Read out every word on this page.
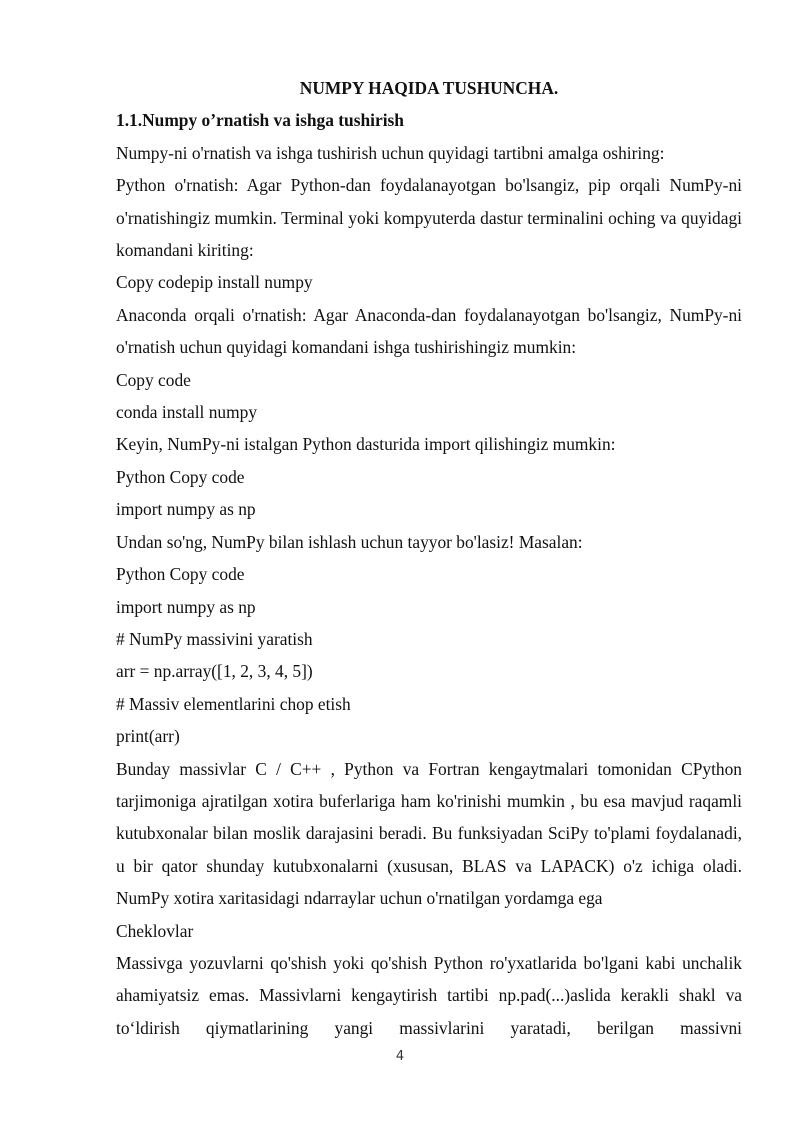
NUMPY HAQIDA TUSHUNCHA.
1.1.Numpy o’rnatish va ishga tushirish
Numpy-ni o'rnatish va ishga tushirish uchun quyidagi tartibni amalga oshiring:
Python o'rnatish: Agar Python-dan foydalanayotgan bo'lsangiz, pip orqali NumPy-ni o'rnatishingiz mumkin. Terminal yoki kompyuterda dastur terminalini oching va quyidagi komandani kiriting:
Copy codepip install numpy
Anaconda orqali o'rnatish: Agar Anaconda-dan foydalanayotgan bo'lsangiz, NumPy-ni o'rnatish uchun quyidagi komandani ishga tushirishingiz mumkin:
Copy code
conda install numpy
Keyin, NumPy-ni istalgan Python dasturida import qilishingiz mumkin:
Python Copy code
import numpy as np
Undan so'ng, NumPy bilan ishlash uchun tayyor bo'lasiz! Masalan:
Python Copy code
import numpy as np
# NumPy massivini yaratish
arr = np.array([1, 2, 3, 4, 5])
# Massiv elementlarini chop etish
print(arr)
Bunday massivlar C / C++ , Python va Fortran kengaytmalari tomonidan CPython tarjimoniga ajratilgan xotira buferlariga ham ko'rinishi mumkin , bu esa mavjud raqamli kutubxonalar bilan moslik darajasini beradi. Bu funksiyadan SciPy to'plami foydalanadi, u bir qator shunday kutubxonalarni (xususan, BLAS va LAPACK) o'z ichiga oladi. NumPy xotira xaritasidagi ndarraylar uchun o'rnatilgan yordamga ega
Cheklovlar
Massivga yozuvlarni qo'shish yoki qo'shish Python ro'yxatlarida bo'lgani kabi unchalik ahamiyatsiz emas. Massivlarni kengaytirish tartibi np.pad(...)aslida kerakli shakl va to‘ldirish qiymatlarining yangi massivlarini yaratadi, berilgan massivni
4
